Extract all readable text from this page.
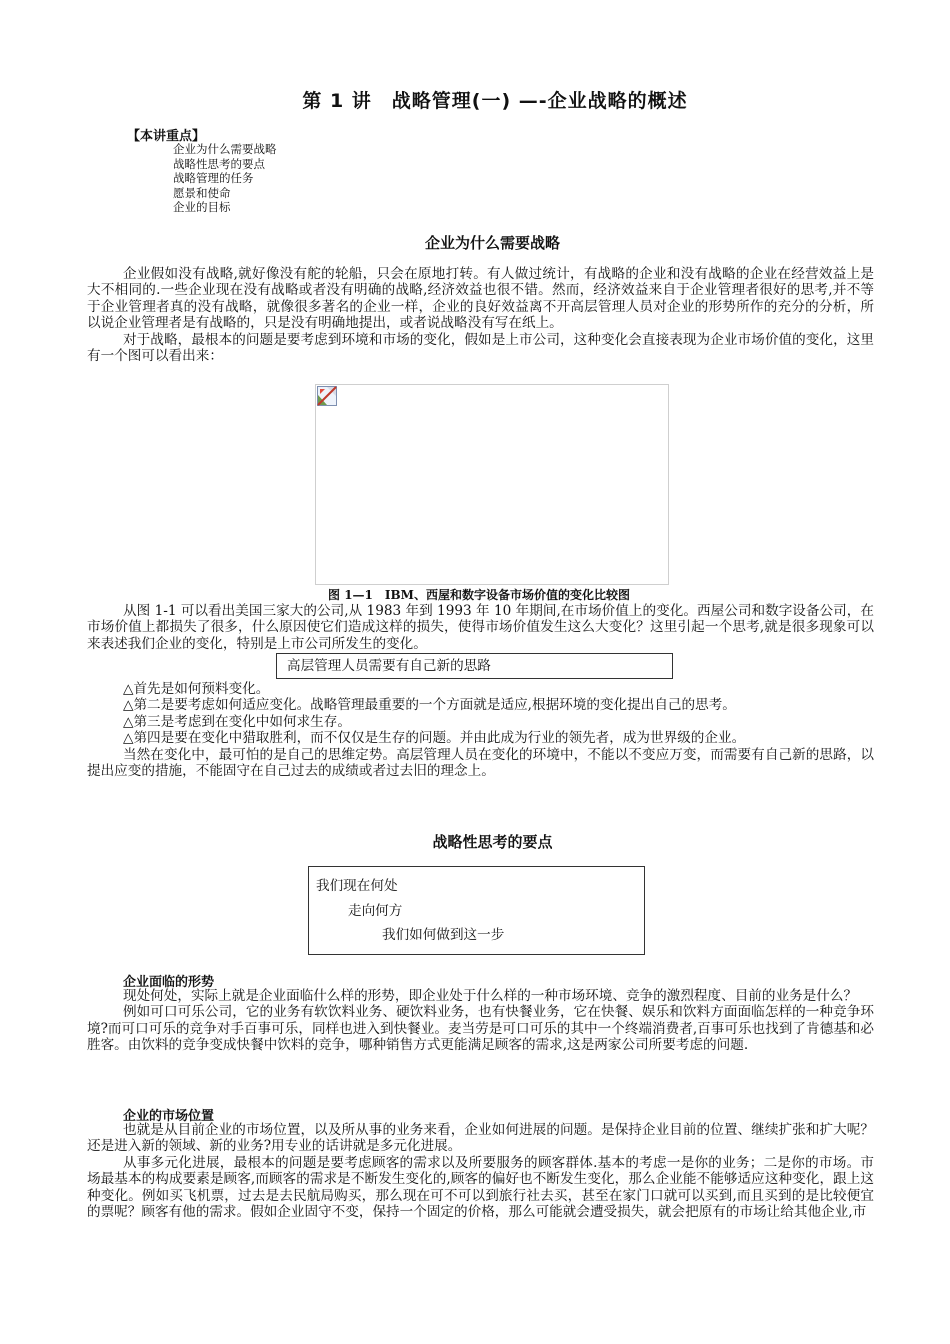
第 1 讲　战略管理(一) —-企业战略的概述
【本讲重点】
企业为什么需要战略
战略性思考的要点
战略管理的任务
愿景和使命
企业的目标
企业为什么需要战略

企业假如没有战略,就好像没有舵的轮船，只会在原地打转。有人做过统计，有战略的企业和没有战略的企业在经营效益上是大不相同的.一些企业现在没有战略或者没有明确的战略,经济效益也很不错。然而，经济效益来自于企业管理者很好的思考,并不等于企业管理者真的没有战略，就像很多著名的企业一样，企业的良好效益离不开高层管理人员对企业的形势所作的充分的分析，所以说企业管理者是有战略的，只是没有明确地提出，或者说战略没有写在纸上。

对于战略，最根本的问题是要考虑到环境和市场的变化，假如是上市公司，这种变化会直接表现为企业市场价值的变化，这里有一个图可以看出来：

图 1—1　IBM、西屋和数字设备市场价值的变化比较图

从图 1-1 可以看出美国三家大的公司,从 1983 年到 1993 年 10 年期间,在市场价值上的变化。西屋公司和数字设备公司，在市场价值上都损失了很多，什么原因使它们造成这样的损失，使得市场价值发生这么大变化？这里引起一个思考,就是很多现象可以来表述我们企业的变化，特别是上市公司所发生的变化。

高层管理人员需要有自己新的思路

△首先是如何预料变化。

△第二是要考虑如何适应变化。战略管理最重要的一个方面就是适应,根据环境的变化提出自己的思考。

△第三是考虑到在变化中如何求生存。

△第四是要在变化中猎取胜利，而不仅仅是生存的问题。并由此成为行业的领先者，成为世界级的企业。

当然在变化中，最可怕的是自己的思维定势。高层管理人员在变化的环境中，不能以不变应万变，而需要有自己新的思路，以提出应变的措施，不能固守在自己过去的成绩或者过去旧的理念上。

战略性思考的要点
我们现在何处
走向何方
我们如何做到这一步
企业面临的形势

现处何处，实际上就是企业面临什么样的形势，即企业处于什么样的一种市场环境、竞争的激烈程度、目前的业务是什么？

例如可口可乐公司，它的业务有软饮料业务、硬饮料业务，也有快餐业务，它在快餐、娱乐和饮料方面面临怎样的一种竞争环境?而可口可乐的竞争对手百事可乐，同样也进入到快餐业。麦当劳是可口可乐的其中一个终端消费者,百事可乐也找到了肯德基和必胜客。由饮料的竞争变成快餐中饮料的竞争，哪种销售方式更能满足顾客的需求,这是两家公司所要考虑的问题.

企业的市场位置

也就是从目前企业的市场位置，以及所从事的业务来看，企业如何进展的问题。是保持企业目前的位置、继续扩张和扩大呢？还是进入新的领域、新的业务?用专业的话讲就是多元化进展。

从事多元化进展，最根本的问题是要考虑顾客的需求以及所要服务的顾客群体.基本的考虑一是你的业务；二是你的市场。市场最基本的构成要素是顾客,而顾客的需求是不断发生变化的,顾客的偏好也不断发生变化，那么企业能不能够适应这种变化，跟上这种变化。例如买飞机票，过去是去民航局购买，那么现在可不可以到旅行社去买，甚至在家门口就可以买到,而且买到的是比较便宜的票呢？顾客有他的需求。假如企业固守不变，保持一个固定的价格，那么可能就会遭受损失，就会把原有的市场让给其他企业,市
